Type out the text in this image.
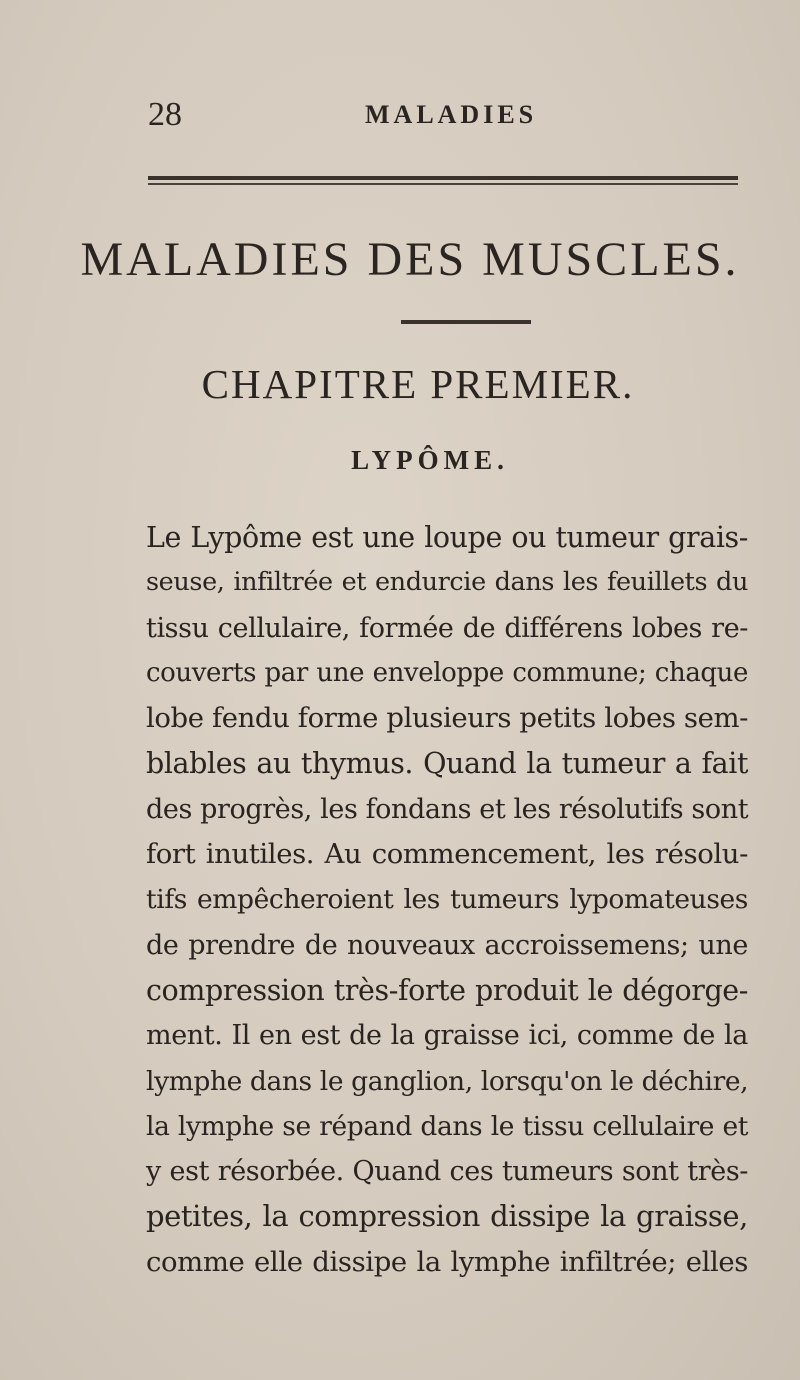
28	MALADIES
MALADIES DES MUSCLES.
CHAPITRE PREMIER.
LYPÔME.
Le Lypôme est une loupe ou tumeur grais-
seuse, infiltrée et endurcie dans les feuillets du
tissu cellulaire, formée de différens lobes re-
couverts par une enveloppe commune; chaque
lobe fendu forme plusieurs petits lobes sem-
blables au thymus. Quand la tumeur a fait
des progrès, les fondans et les résolutifs sont
fort inutiles. Au commencement, les résolu-
tifs empêcheroient les tumeurs lypomateuses
de prendre de nouveaux accroissemens; une
compression très-forte produit le dégorge-
ment. Il en est de la graisse ici, comme de la
lymphe dans le ganglion, lorsqu'on le déchire,
la lymphe se répand dans le tissu cellulaire et
y est résorbée. Quand ces tumeurs sont très-
petites, la compression dissipe la graisse,
comme elle dissipe la lymphe infiltrée; elles
